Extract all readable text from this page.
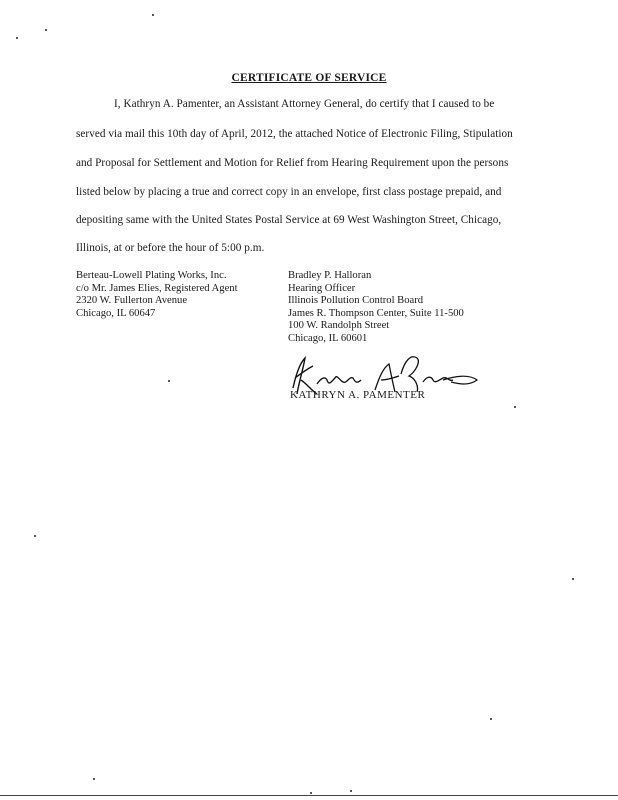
CERTIFICATE OF SERVICE
I, Kathryn A. Pamenter, an Assistant Attorney General, do certify that I caused to be
served via mail this 10th day of April, 2012, the attached Notice of Electronic Filing, Stipulation
and Proposal for Settlement and Motion for Relief from Hearing Requirement upon the persons
listed below by placing a true and correct copy in an envelope, first class postage prepaid, and
depositing same with the United States Postal Service at 69 West Washington Street, Chicago,
Illinois, at or before the hour of 5:00 p.m.
Berteau-Lowell Plating Works, Inc.
c/o Mr. James Elies, Registered Agent
2320 W. Fullerton Avenue
Chicago, IL 60647
Bradley P. Halloran
Hearing Officer
Illinois Pollution Control Board
James R. Thompson Center, Suite 11-500
100 W. Randolph Street
Chicago, IL 60601
KATHRYN A. PAMENTER
